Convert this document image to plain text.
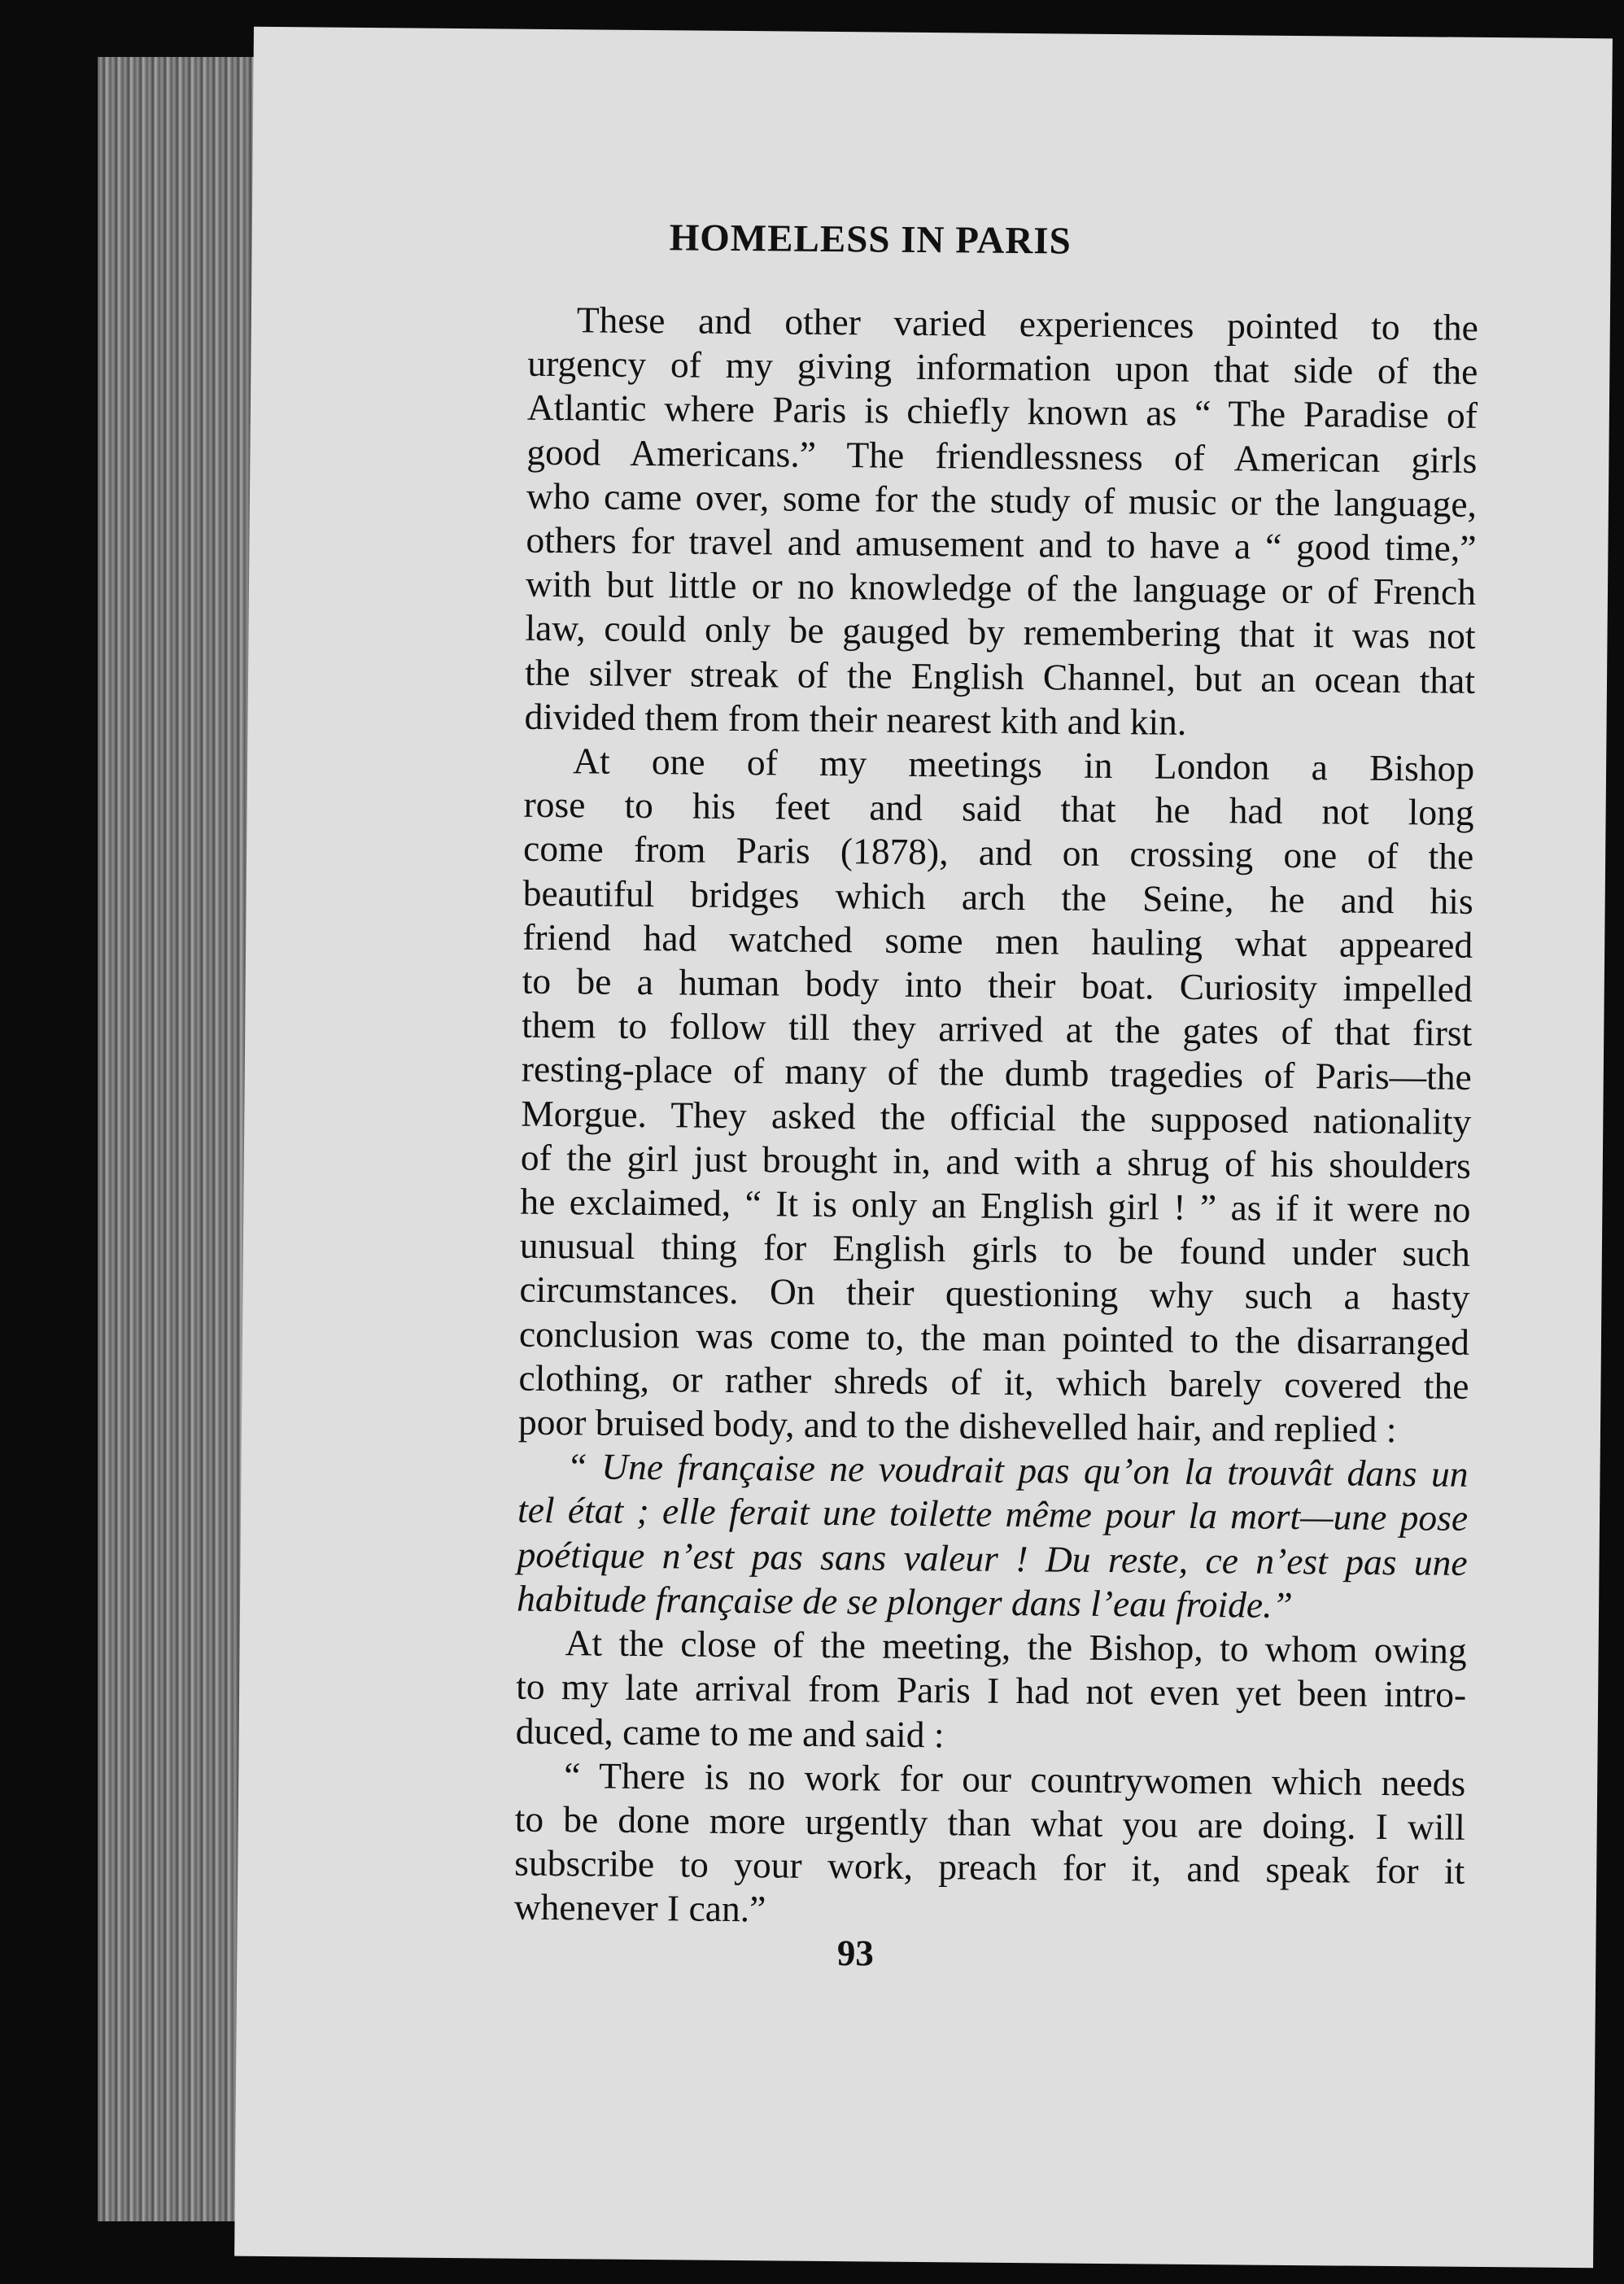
HOMELESS IN PARIS
These and other varied experiences pointed to the
urgency of my giving information upon that side of the
Atlantic where Paris is chiefly known as “ The Paradise of
good Americans.” The friendlessness of American girls
who came over, some for the study of music or the language,
others for travel and amusement and to have a “ good time,”
with but little or no knowledge of the language or of French
law, could only be gauged by remembering that it was not
the silver streak of the English Channel, but an ocean that
divided them from their nearest kith and kin.
At one of my meetings in London a Bishop
rose to his feet and said that he had not long
come from Paris (1878), and on crossing one of the
beautiful bridges which arch the Seine, he and his
friend had watched some men hauling what appeared
to be a human body into their boat. Curiosity impelled
them to follow till they arrived at the gates of that first
resting-place of many of the dumb tragedies of Paris—the
Morgue. They asked the official the supposed nationality
of the girl just brought in, and with a shrug of his shoulders
he exclaimed, “ It is only an English girl ! ” as if it were no
unusual thing for English girls to be found under such
circumstances. On their questioning why such a hasty
conclusion was come to, the man pointed to the disarranged
clothing, or rather shreds of it, which barely covered the
poor bruised body, and to the dishevelled hair, and replied :
“ Une française ne voudrait pas qu’on la trouvât dans un
tel état ; elle ferait une toilette même pour la mort—une pose
poétique n’est pas sans valeur ! Du reste, ce n’est pas une
habitude française de se plonger dans l’eau froide.”
At the close of the meeting, the Bishop, to whom owing
to my late arrival from Paris I had not even yet been intro-
duced, came to me and said :
“ There is no work for our countrywomen which needs
to be done more urgently than what you are doing. I will
subscribe to your work, preach for it, and speak for it
whenever I can.”
93
